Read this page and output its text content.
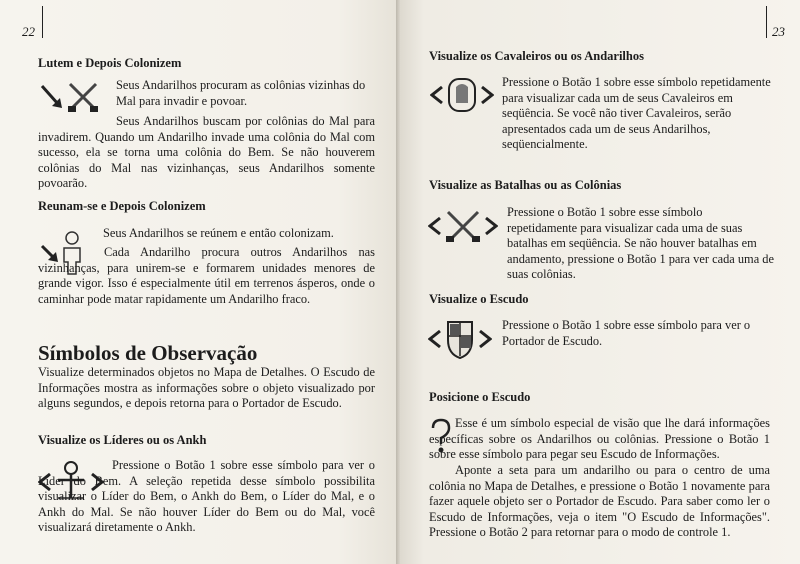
22
Lutem e Depois Colonizem

Seus Andarilhos procuram as colônias vizinhas do Mal para invadir e povoar.

Seus Andarilhos buscam por colônias do Mal para invadirem. Quando um Andarilho invade uma colônia do Mal com sucesso, ela se torna uma colônia do Bem. Se não houverem colônias do Mal nas vizinhanças, seus Andarilhos somente povoarão.

Reunam-se e Depois Colonizem

Seus Andarilhos se reúnem e então colonizam.

Cada Andarilho procura outros Andarilhos nas vizinhanças, para unirem-se e formarem unidades menores de grande vigor. Isso é especialmente útil em terrenos ásperos, onde o caminhar pode matar rapidamente um Andarilho fraco.

Símbolos de Observação

Visualize determinados objetos no Mapa de Detalhes. O Escudo de Informações mostra as informações sobre o objeto visualizado por alguns segundos, e depois retorna para o Portador de Escudo.

Visualize os Líderes ou os Ankh

Pressione o Botão 1 sobre esse símbolo para ver o Líder do Bem. A seleção repetida desse símbolo possibilita visualizar o Líder do Bem, o Ankh do Bem, o Líder do Mal, e o Ankh do Mal. Se não houver Líder do Bem ou do Mal, você visualizará diretamente o Ankh.

23
Visualize os Cavaleiros ou os Andarilhos

Pressione o Botão 1 sobre esse símbolo repetidamente para visualizar cada um de seus Cavaleiros em seqüência. Se você não tiver Cavaleiros, serão apresentados cada um de seus Andarilhos, seqüencialmente.

Visualize as Batalhas ou as Colônias

Pressione o Botão 1 sobre esse símbolo repetidamente para visualizar cada uma de suas batalhas em seqüência. Se não houver batalhas em andamento, pressione o Botão 1 para ver cada uma de suas colônias.

Visualize o Escudo

Pressione o Botão 1 sobre esse símbolo para ver o Portador de Escudo.

Posicione o Escudo

Esse é um símbolo especial de visão que lhe dará informações específicas sobre os Andarilhos ou colônias. Pressione o Botão 1 sobre esse símbolo para pegar seu Escudo de Informações.

Aponte a seta para um andarilho ou para o centro de uma colônia no Mapa de Detalhes, e pressione o Botão 1 novamente para fazer aquele objeto ser o Portador de Escudo. Para saber como ler o Escudo de Informações, veja o item "O Escudo de Informações". Pressione o Botão 2 para retornar para o modo de controle 1.
